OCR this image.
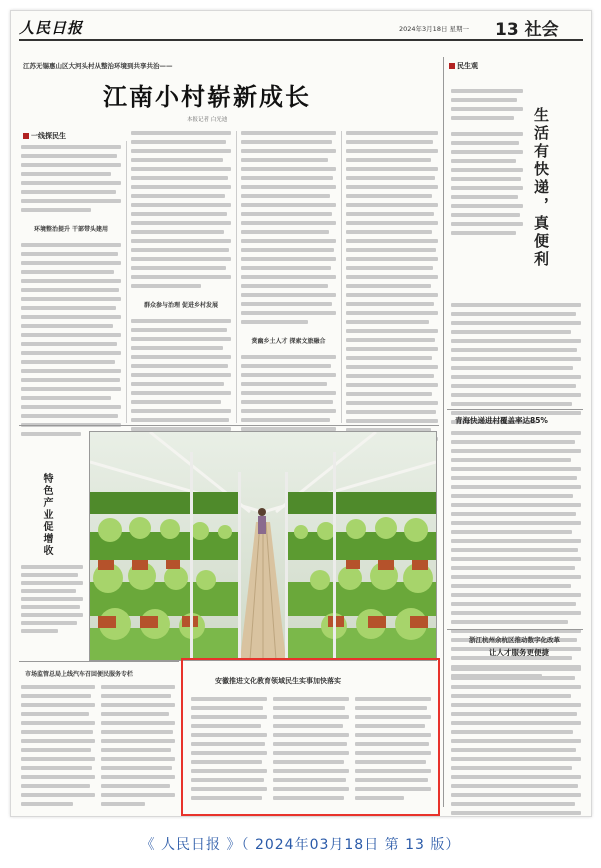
人民日报	2024年3月18日 星期一 13 社会
江苏无锡惠山区大河头村从整治环境到共享共治——
江南小村崭新成长
本报记者 白光迪
一线探民生
环境整治提升 干部带头建用
群众参与治理 促进乡村发展
赏幽乡土人才 探索文旅融合
民生观
生活有快递，真便利
青海快递进村覆盖率达85%
浙江杭州余杭区推动数字化改革
让人才服务更便捷
特色产业促增收
市场监管总局上线汽车召回便民服务专栏
安徽推进文化教育领域民生实事加快落实
《 人民日报 》（ 2024年03月18日 第 13 版）
